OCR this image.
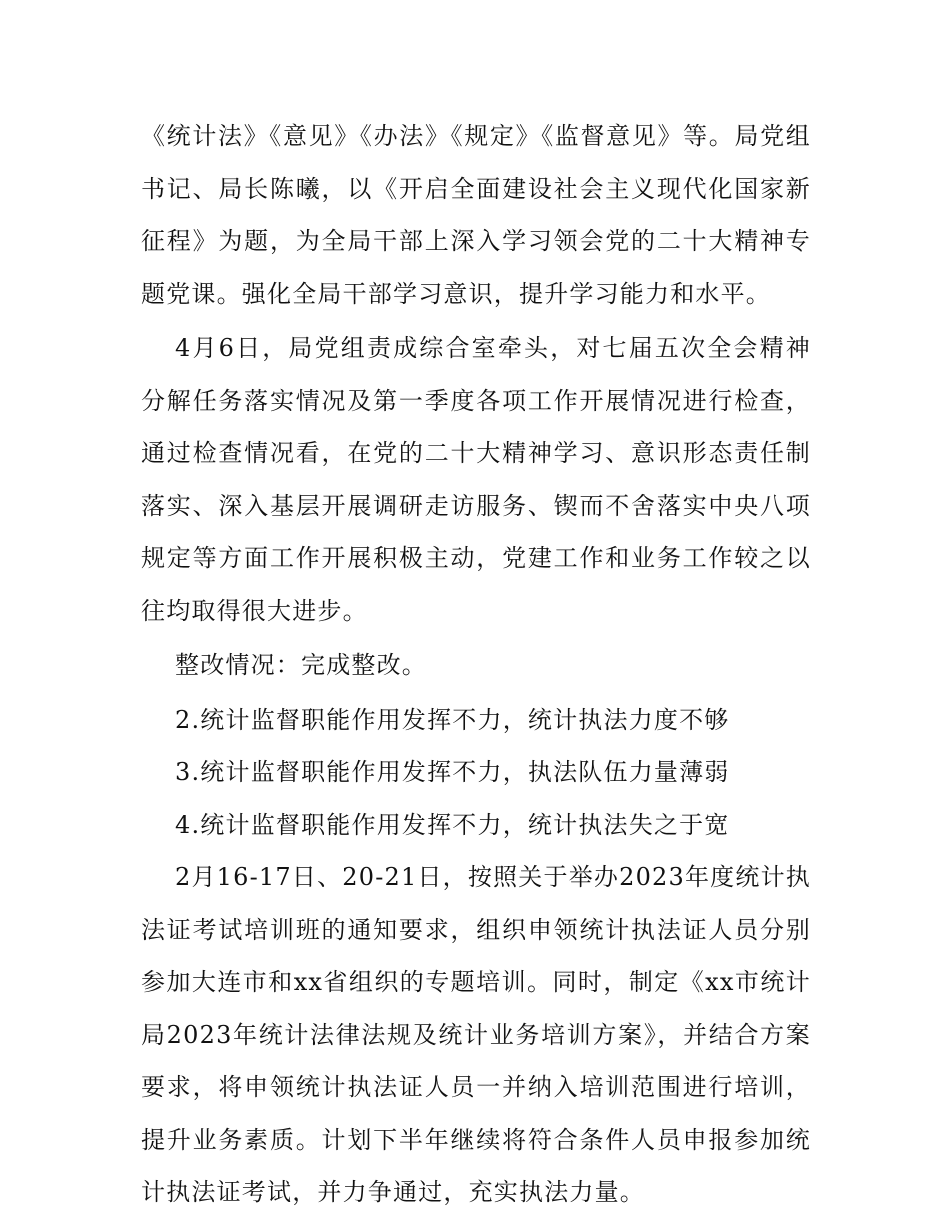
《统计法》《意见》《办法》《规定》《监督意见》等。局党组书记、局长陈曦，以《开启全面建设社会主义现代化国家新征程》为题，为全局干部上深入学习领会党的二十大精神专题党课。强化全局干部学习意识，提升学习能力和水平。

4月6日，局党组责成综合室牵头，对七届五次全会精神分解任务落实情况及第一季度各项工作开展情况进行检查，通过检查情况看，在党的二十大精神学习、意识形态责任制落实、深入基层开展调研走访服务、锲而不舍落实中央八项规定等方面工作开展积极主动，党建工作和业务工作较之以往均取得很大进步。

整改情况：完成整改。

2.统计监督职能作用发挥不力，统计执法力度不够

3.统计监督职能作用发挥不力，执法队伍力量薄弱

4.统计监督职能作用发挥不力，统计执法失之于宽

2月16-17日、20-21日，按照关于举办2023年度统计执法证考试培训班的通知要求，组织申领统计执法证人员分别参加大连市和xx省组织的专题培训。同时，制定《xx市统计局2023年统计法律法规及统计业务培训方案》，并结合方案要求，将申领统计执法证人员一并纳入培训范围进行培训，提升业务素质。计划下半年继续将符合条件人员申报参加统计执法证考试，并力争通过，充实执法力量。
